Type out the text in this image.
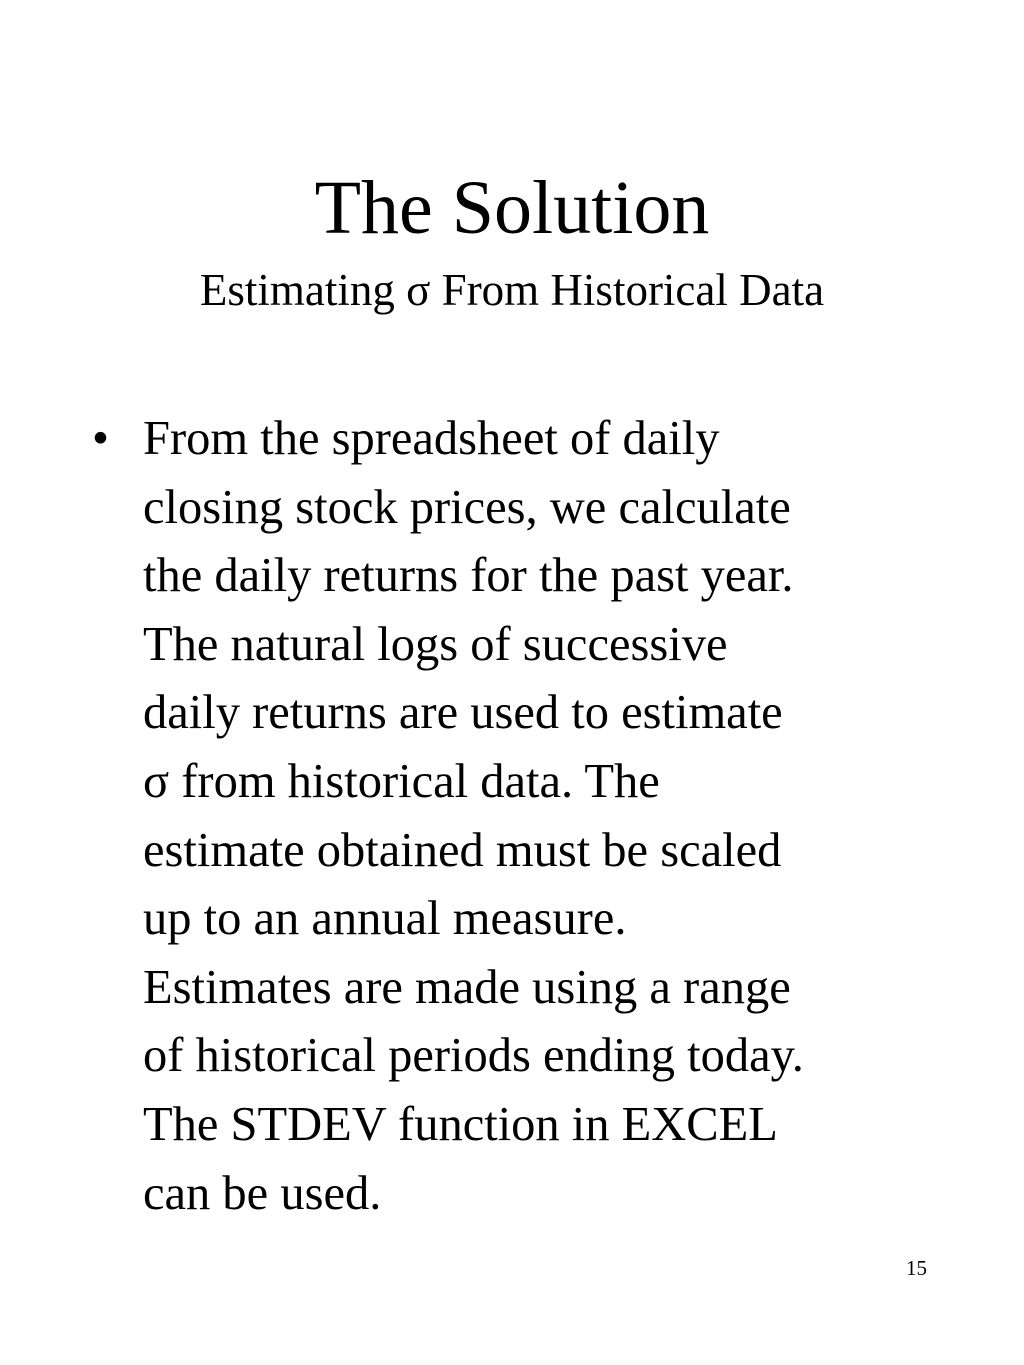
The Solution
Estimating σ From Historical Data
• From the spreadsheet of daily
closing stock prices, we calculate
the daily returns for the past year.
The natural logs of successive
daily returns are used to estimate
σ from historical data. The
estimate obtained must be scaled
up to an annual measure.
Estimates are made using a range
of historical periods ending today.
The STDEV function in EXCEL
can be used.
15
